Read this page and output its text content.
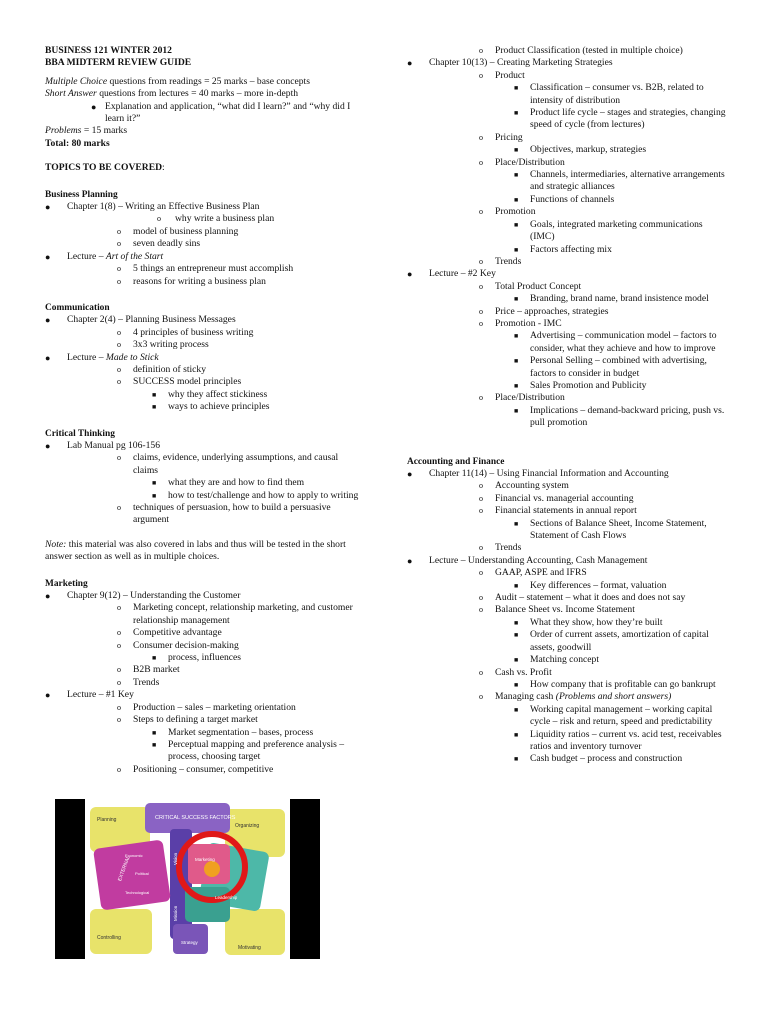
BUSINESS 121 WINTER 2012

BBA MIDTERM REVIEW GUIDE

Multiple Choice questions from readings = 25 marks – base concepts

Short Answer questions from lectures = 40 marks – more in-depth

● Explanation and application, “what did I learn?” and “why did I learn it?”

Problems = 15 marks

Total: 80 marks

TOPICS TO BE COVERED:

Business Planning

● Chapter 1(8) – Writing an Effective Business Plan
o why write a business plan
o model of business planning
o seven deadly sins
● Lecture – Art of the Start
o 5 things an entrepreneur must accomplish
o reasons for writing a business plan

Communication

● Chapter 2(4) – Planning Business Messages
o 4 principles of business writing
o 3x3 writing process
● Lecture – Made to Stick
o definition of sticky
o SUCCESS model principles
■ why they affect stickiness
■ ways to achieve principles

Critical Thinking

● Lab Manual pg 106-156
o claims, evidence, underlying assumptions, and causal claims
■ what they are and how to find them
■ how to test/challenge and how to apply to writing
o techniques of persuasion, how to build a persuasive argument

Note: this material was also covered in labs and thus will be tested in the short answer section as well as in multiple choices.

Marketing

● Chapter 9(12) – Understanding the Customer
o Marketing concept, relationship marketing, and customer relationship management
o Competitive advantage
o Consumer decision-making
■ process, influences
o B2B market
o Trends
● Lecture – #1 Key
o Production – sales – marketing orientation
o Steps to defining a target market
■ Market segmentation – bases, process
■ Perceptual mapping and preference analysis – process, choosing target
o Positioning – consumer, competitive
CRITICAL SUCCESS FACTORS
Planning
Organizing
Controlling
Motivating
Marketing
Strategy
Mission
Vision
Leadership
EXTERNAL
Economic
Technological
Political
o Product Classification (tested in multiple choice)
● Chapter 10(13) – Creating Marketing Strategies
o Product
■ Classification – consumer vs. B2B, related to intensity of distribution
■ Product life cycle – stages and strategies, changing speed of cycle (from lectures)
o Pricing
■ Objectives, markup, strategies
o Place/Distribution
■ Channels, intermediaries, alternative arrangements and strategic alliances
■ Functions of channels
o Promotion
■ Goals, integrated marketing communications (IMC)
■ Factors affecting mix
o Trends
● Lecture – #2 Key
o Total Product Concept
■ Branding, brand name, brand insistence model
o Price – approaches, strategies
o Promotion - IMC
■ Advertising – communication model – factors to consider, what they achieve and how to improve
■ Personal Selling – combined with advertising, factors to consider in budget
■ Sales Promotion and Publicity
o Place/Distribution
■ Implications – demand-backward pricing, push vs. pull promotion

Accounting and Finance

● Chapter 11(14) – Using Financial Information and Accounting
o Accounting system
o Financial vs. managerial accounting
o Financial statements in annual report
■ Sections of Balance Sheet, Income Statement, Statement of Cash Flows
o Trends
● Lecture – Understanding Accounting, Cash Management
o GAAP, ASPE and IFRS
■ Key differences – format, valuation
o Audit – statement – what it does and does not say
o Balance Sheet vs. Income Statement
■ What they show, how they’re built
■ Order of current assets, amortization of capital assets, goodwill
■ Matching concept
o Cash vs. Profit
■ How company that is profitable can go bankrupt
o Managing cash (Problems and short answers)
■ Working capital management – working capital cycle – risk and return, speed and predictability
■ Liquidity ratios – current vs. acid test, receivables ratios and inventory turnover
■ Cash budget – process and construction
